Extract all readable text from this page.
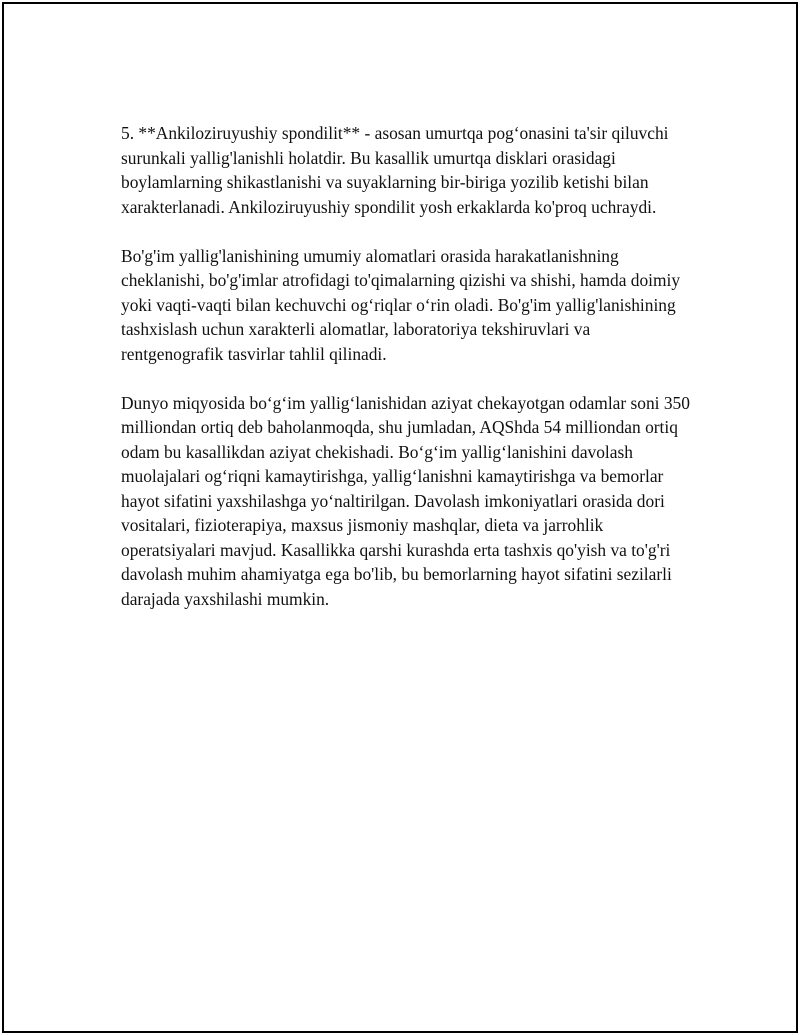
5. **Ankiloziruyushiy spondilit** - asosan umurtqa pog‘onasini ta'sir qiluvchi surunkali yallig'lanishli holatdir. Bu kasallik umurtqa disklari orasidagi boylamlarning shikastlanishi va suyaklarning bir-biriga yozilib ketishi bilan xarakterlanadi. Ankiloziruyushiy spondilit yosh erkaklarda ko'proq uchraydi.

Bo'g'im yallig'lanishining umumiy alomatlari orasida harakatlanishning cheklanishi, bo'g'imlar atrofidagi to'qimalarning qizishi va shishi, hamda doimiy yoki vaqti-vaqti bilan kechuvchi og‘riqlar o‘rin oladi. Bo'g'im yallig'lanishining tashxislash uchun xarakterli alomatlar, laboratoriya tekshiruvlari va rentgenografik tasvirlar tahlil qilinadi.

Dunyo miqyosida bo‘g‘im yallig‘lanishidan aziyat chekayotgan odamlar soni 350 milliondan ortiq deb baholanmoqda, shu jumladan, AQShda 54 milliondan ortiq odam bu kasallikdan aziyat chekishadi. Bo‘g‘im yallig‘lanishini davolash muolajalari og‘riqni kamaytirishga, yallig‘lanishni kamaytirishga va bemorlar hayot sifatini yaxshilashga yo‘naltirilgan. Davolash imkoniyatlari orasida dori vositalari, fizioterapiya, maxsus jismoniy mashqlar, dieta va jarrohlik operatsiyalari mavjud. Kasallikka qarshi kurashda erta tashxis qo'yish va to'g'ri davolash muhim ahamiyatga ega bo'lib, bu bemorlarning hayot sifatini sezilarli darajada yaxshilashi mumkin.
